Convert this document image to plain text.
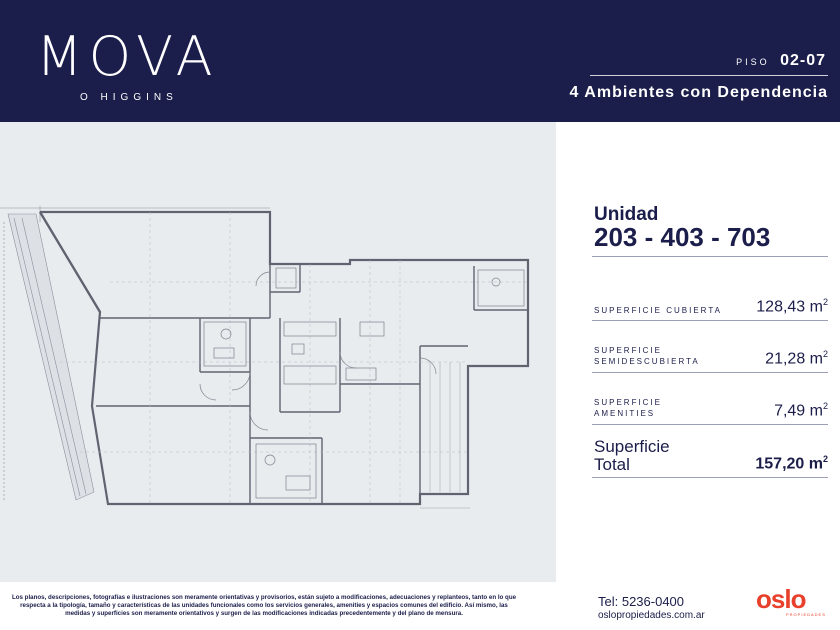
MOVA
O HIGGINS
PISO 02-07
4 Ambientes con Dependencia
Unidad
203 - 403 - 703
SUPERFICIE CUBIERTA 128,43 $m^2$
SUPERFICIE
SEMIDESCUBIERTA	21,28 $m^2$
SUPERFICIE
AMENITIES	7,49 $m^2$
Superficie
Total	157,20 $m^2$
Los planos, descripciones, fotografías e ilustraciones son meramente orientativas y provisorios, están sujeto a modificaciones, adecuaciones y replanteos, tanto en lo que respecta a la tipología, tamaño y características de las unidades funcionales como los servicios generales, amenities y espacios comunes del edificio. Así mismo, las medidas y superficies son meramente orientativos y surgen de las modificaciones indicadas precedentemente y del plano de mensura.
Tel: 5236-0400
oslopropiedades.com.ar
oslo
PROPIEDADES
